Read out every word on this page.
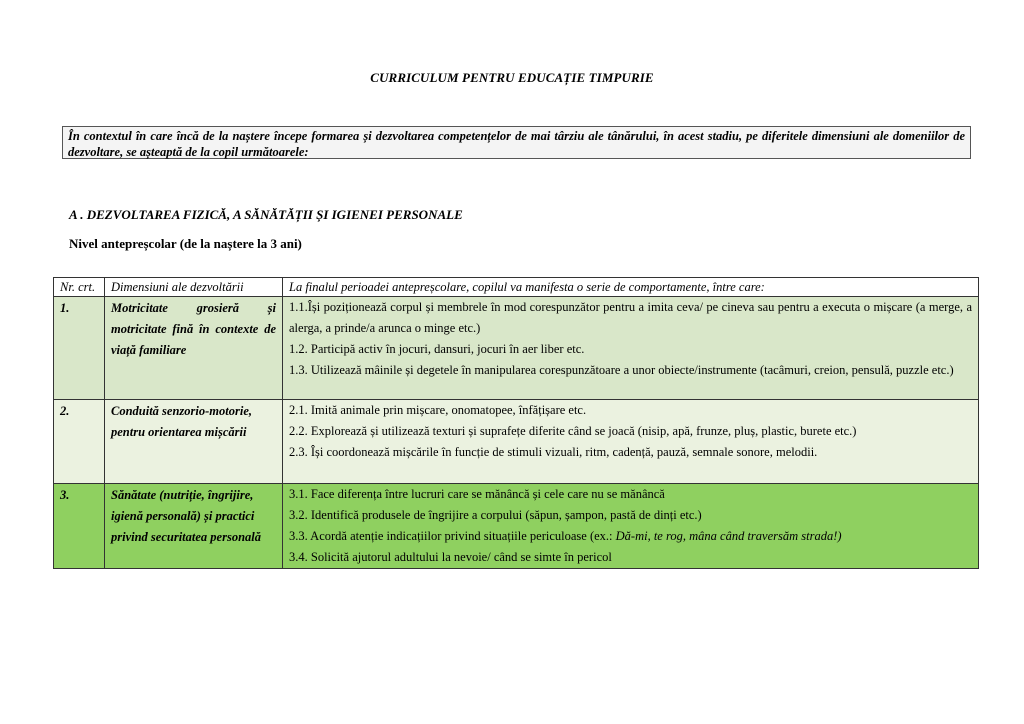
CURRICULUM PENTRU EDUCAȚIE TIMPURIE
În contextul în care încă de la naștere începe formarea și dezvoltarea competențelor de mai târziu ale tânărului, în acest stadiu, pe diferitele dimensiuni ale domeniilor de dezvoltare, se așteaptă de la copil următoarele:
A . DEZVOLTAREA FIZICĂ, A SĂNĂTĂȚII ȘI IGIENEI PERSONALE
Nivel antepreșcolar (de la naștere la 3 ani)
Nr. crt.	Dimensiuni ale dezvoltării	La finalul perioadei antepreșcolare, copilul va manifesta o serie de comportamente, între care:
1.	Motricitate grosieră și motricitate fină în contexte de viață familiare	1.1.Își poziționează corpul și membrele în mod corespunzător pentru a imita ceva/ pe cineva sau pentru a executa o mișcare (a merge, a alerga, a prinde/a arunca o minge etc.)
1.2. Participă activ în jocuri, dansuri, jocuri în aer liber etc.
1.3. Utilizează mâinile și degetele în manipularea corespunzătoare a unor obiecte/instrumente (tacâmuri, creion, pensulă, puzzle etc.)

2.	Conduită senzorio-motorie, pentru orientarea mișcării	2.1. Imită animale prin mișcare, onomatopee, înfățișare etc.
2.2. Explorează și utilizează texturi și suprafețe diferite când se joacă (nisip, apă, frunze, pluș, plastic, burete etc.)
2.3. Își coordonează mișcările în funcție de stimuli vizuali, ritm, cadență, pauză, semnale sonore, melodii.

3.	Sănătate (nutriție, îngrijire, igienă personală) și practici privind securitatea personală	3.1. Face diferența între lucruri care se mănâncă și cele care nu se mănâncă
3.2. Identifică produsele de îngrijire a corpului (săpun, șampon, pastă de dinți etc.)
3.3. Acordă atenție indicațiilor privind situațiile periculoase (ex.: Dă-mi, te rog, mâna când traversăm strada!)
3.4. Solicită ajutorul adultului la nevoie/ când se simte în pericol
